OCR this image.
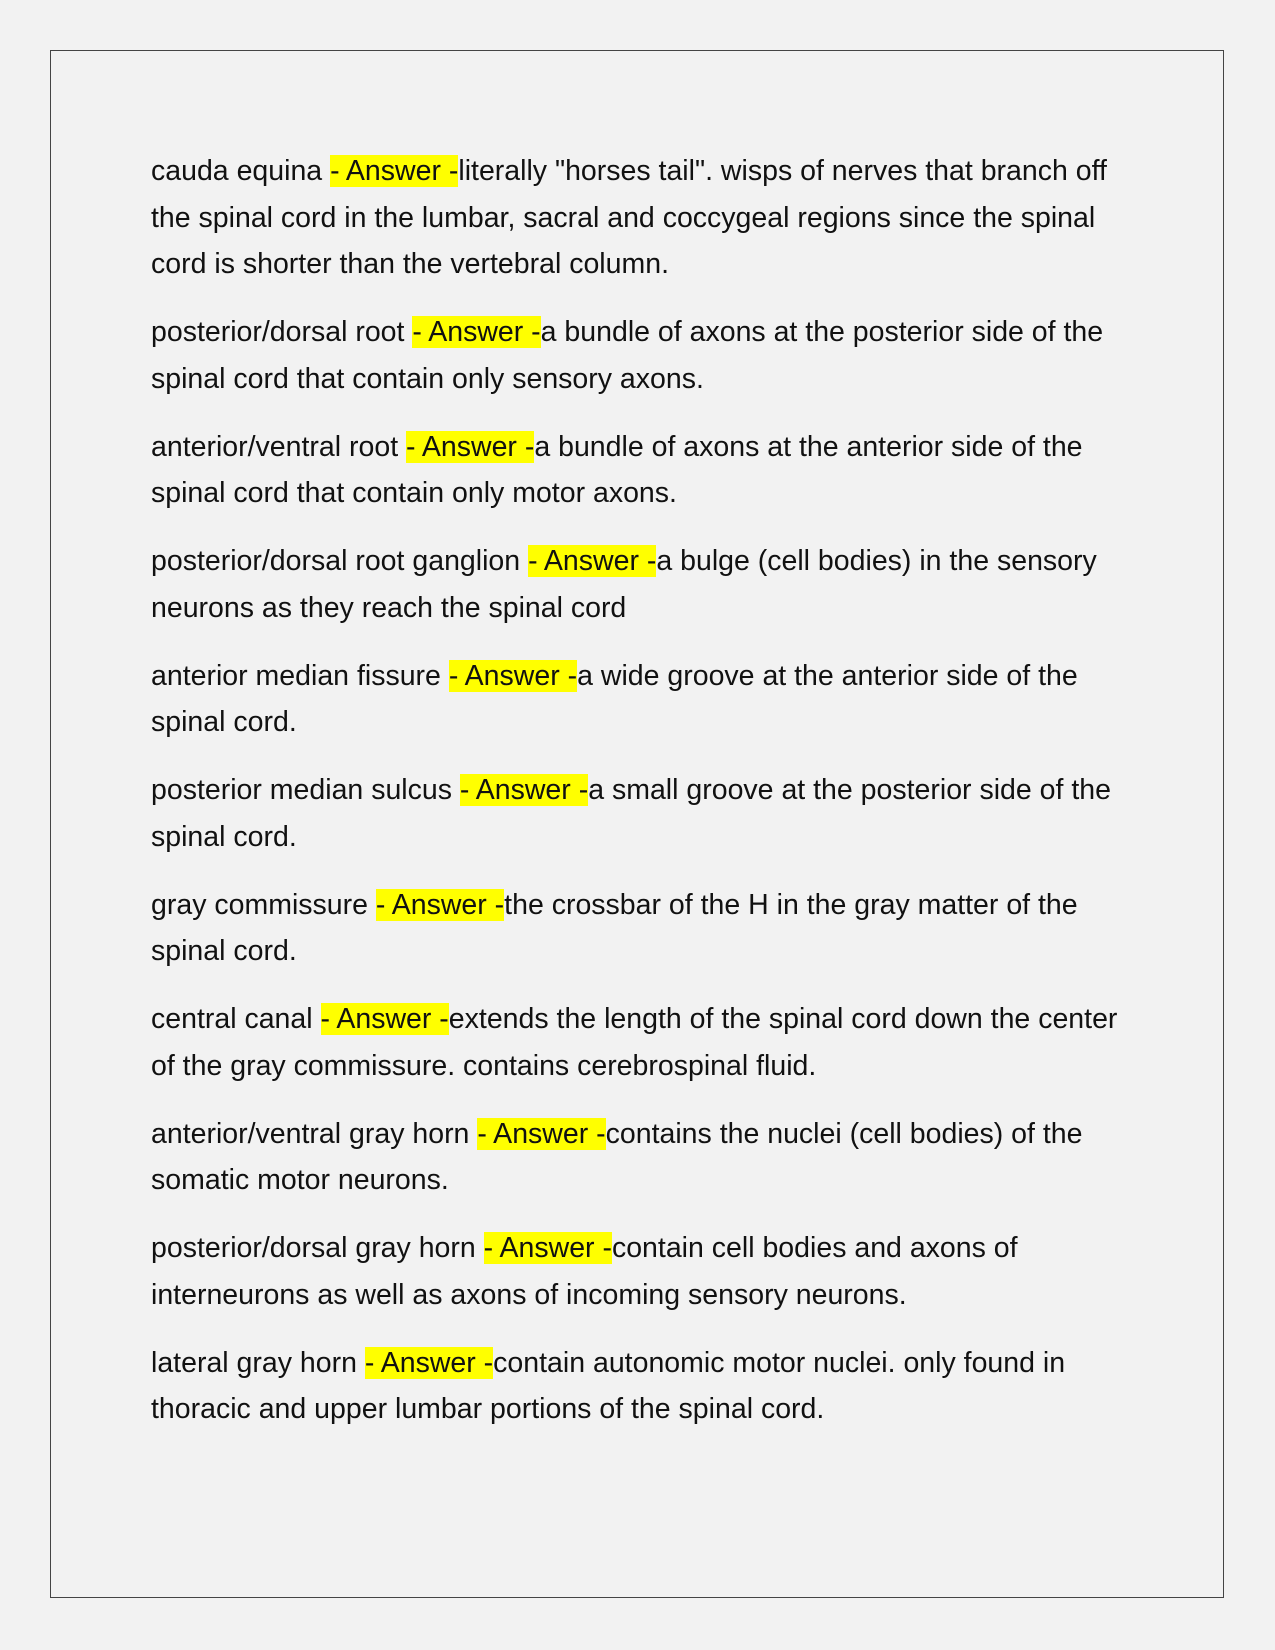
cauda equina - Answer -literally "horses tail". wisps of nerves that branch off the spinal cord in the lumbar, sacral and coccygeal regions since the spinal cord is shorter than the vertebral column.

posterior/dorsal root - Answer -a bundle of axons at the posterior side of the spinal cord that contain only sensory axons.

anterior/ventral root - Answer -a bundle of axons at the anterior side of the spinal cord that contain only motor axons.

posterior/dorsal root ganglion - Answer -a bulge (cell bodies) in the sensory neurons as they reach the spinal cord

anterior median fissure - Answer -a wide groove at the anterior side of the spinal cord.

posterior median sulcus - Answer -a small groove at the posterior side of the spinal cord.

gray commissure - Answer -the crossbar of the H in the gray matter of the spinal cord.

central canal - Answer -extends the length of the spinal cord down the center of the gray commissure. contains cerebrospinal fluid.

anterior/ventral gray horn - Answer -contains the nuclei (cell bodies) of the somatic motor neurons.

posterior/dorsal gray horn - Answer -contain cell bodies and axons of interneurons as well as axons of incoming sensory neurons.

lateral gray horn - Answer -contain autonomic motor nuclei. only found in thoracic and upper lumbar portions of the spinal cord.
